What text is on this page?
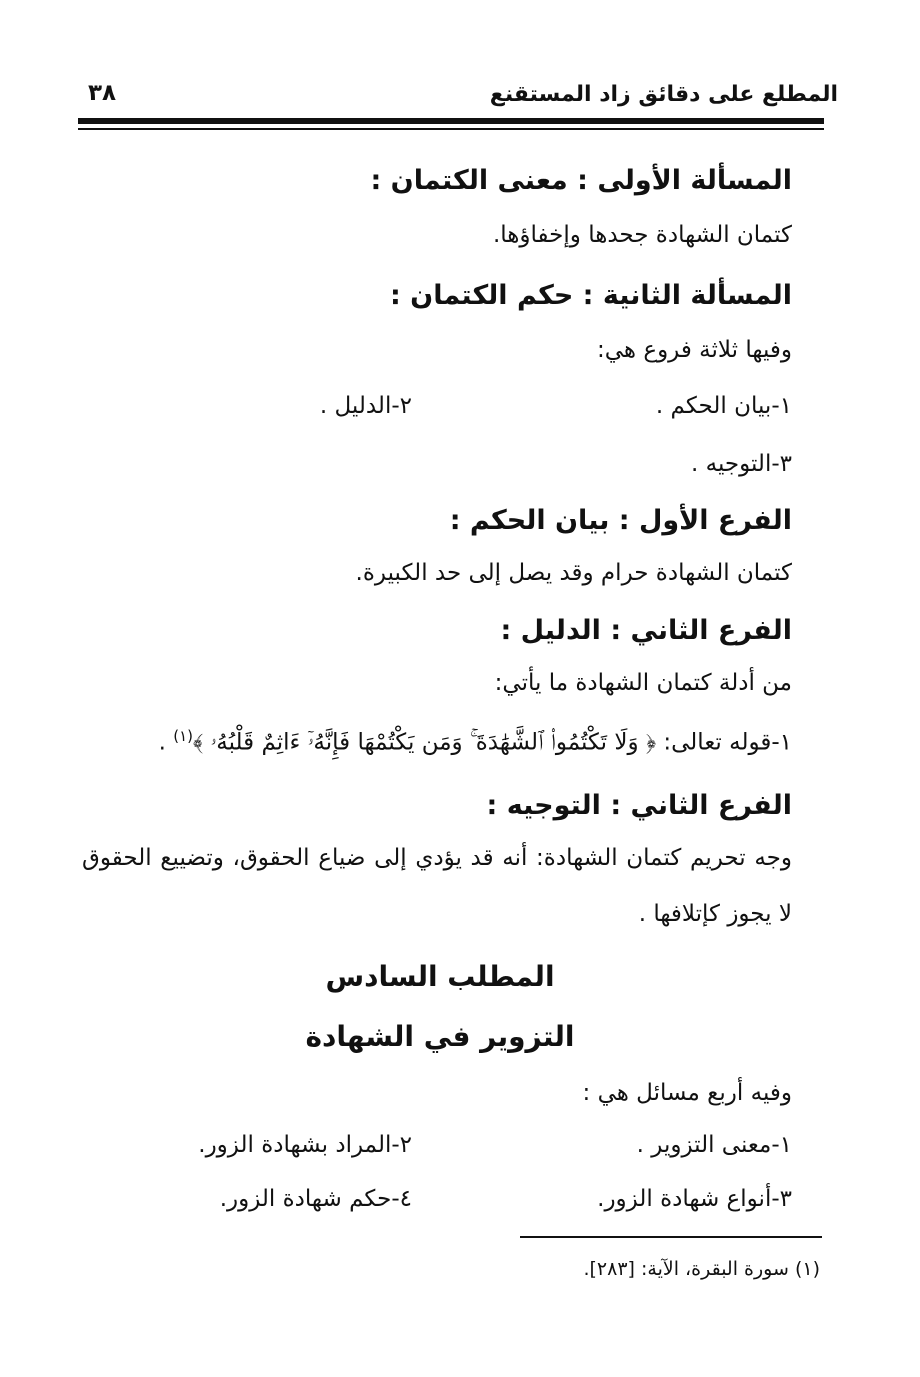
المطلع على دقائق زاد المستقنع
٣٨
المسألة الأولى : معنى الكتمان :
كتمان الشهادة جحدها وإخفاؤها.
المسألة الثانية : حكم الكتمان :
وفيها ثلاثة فروع هي:
١-بيان الحكم .
٢-الدليل .
٣-التوجيه .
الفرع الأول : بيان الحكم :
كتمان الشهادة حرام وقد يصل إلى حد الكبيرة.
الفرع الثاني : الدليل :
من أدلة كتمان الشهادة ما يأتي:
١-قوله تعالى: ﴿ وَلَا تَكْتُمُوا۟ ٱلشَّهَٰدَةَ ۚ وَمَن يَكْتُمْهَا فَإِنَّهُۥٓ ءَاثِمٌ قَلْبُهُۥ ﴾$^{(١)}$ .
الفرع الثاني : التوجيه :
وجه تحريم كتمان الشهادة: أنه قد يؤدي إلى ضياع الحقوق، وتضييع الحقوق
لا يجوز كإتلافها .
المطلب السادس
التزوير في الشهادة
وفيه أربع مسائل هي :
١-معنى التزوير .
٢-المراد بشهادة الزور.
٣-أنواع شهادة الزور.
٤-حكم شهادة الزور.
(١) سورة البقرة، الآية: [٢٨٣].
